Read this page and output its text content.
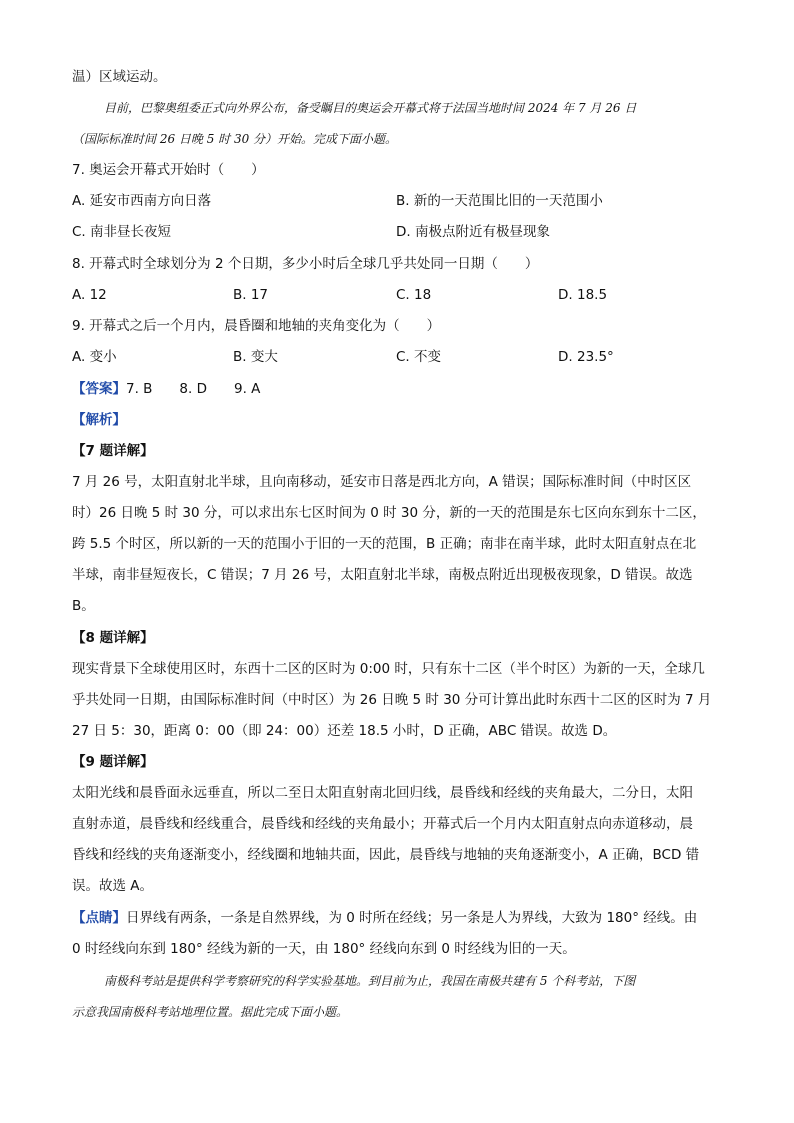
温）区域运动。
目前，巴黎奥组委正式向外界公布，备受瞩目的奥运会开幕式将于法国当地时间 2024 年 7 月 26 日
（国际标准时间 26 日晚 5 时 30 分）开始。完成下面小题。
7. 奥运会开幕式开始时（　　）
A. 延安市西南方向日落	B. 新的一天范围比旧的一天范围小
C. 南非昼长夜短	D. 南极点附近有极昼现象
8. 开幕式时全球划分为 2 个日期，多少小时后全球几乎共处同一日期（　　）
A. 12	B. 17	C. 18	D. 18.5
9. 开幕式之后一个月内，晨昏圈和地轴的夹角变化为（　　）
A. 变小	B. 变大	C. 不变	D. 23.5°
【答案】7. B　　8. D　　9. A
【解析】
【7 题详解】
7 月 26 号，太阳直射北半球，且向南移动，延安市日落是西北方向，A 错误；国际标准时间（中时区区
时）26 日晚 5 时 30 分，可以求出东七区时间为 0 时 30 分，新的一天的范围是东七区向东到东十二区，
跨 5.5 个时区，所以新的一天的范围小于旧的一天的范围，B 正确；南非在南半球，此时太阳直射点在北
半球，南非昼短夜长，C 错误；7 月 26 号，太阳直射北半球，南极点附近出现极夜现象，D 错误。故选
B。
【8 题详解】
现实背景下全球使用区时，东西十二区的区时为 0:00 时，只有东十二区（半个时区）为新的一天，全球几
乎共处同一日期，由国际标准时间（中时区）为 26 日晚 5 时 30 分可计算出此时东西十二区的区时为 7 月
27 日 5：30，距离 0：00（即 24：00）还差 18.5 小时，D 正确，ABC 错误。故选 D。
【9 题详解】
太阳光线和晨昏面永远垂直，所以二至日太阳直射南北回归线，晨昏线和经线的夹角最大，二分日，太阳
直射赤道，晨昏线和经线重合，晨昏线和经线的夹角最小；开幕式后一个月内太阳直射点向赤道移动，晨
昏线和经线的夹角逐渐变小，经线圈和地轴共面，因此，晨昏线与地轴的夹角逐渐变小，A 正确，BCD 错
误。故选 A。
【点睛】日界线有两条，一条是自然界线，为 0 时所在经线；另一条是人为界线，大致为 180° 经线。由
0 时经线向东到 180° 经线为新的一天，由 180° 经线向东到 0 时经线为旧的一天。
南极科考站是提供科学考察研究的科学实验基地。到目前为止，我国在南极共建有 5 个科考站，下图
示意我国南极科考站地理位置。据此完成下面小题。
